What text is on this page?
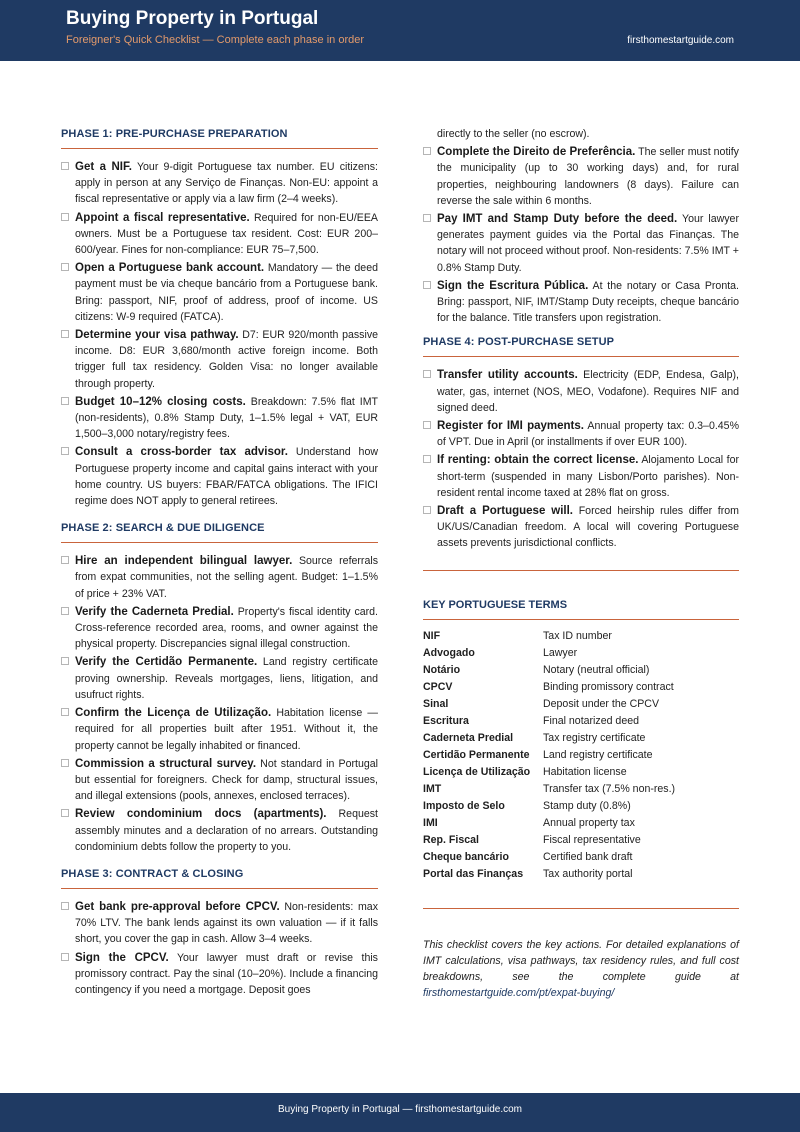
Buying Property in Portugal
Foreigner's Quick Checklist — Complete each phase in order	firsthomestartguide.com
PHASE 1: PRE-PURCHASE PREPARATION
Get a NIF. Your 9-digit Portuguese tax number. EU citizens: apply in person at any Serviço de Finanças. Non-EU: appoint a fiscal representative or apply via a law firm (2–4 weeks).
Appoint a fiscal representative. Required for non-EU/EEA owners. Must be a Portuguese tax resident. Cost: EUR 200–600/year. Fines for non-compliance: EUR 75–7,500.
Open a Portuguese bank account. Mandatory — the deed payment must be via cheque bancário from a Portuguese bank. Bring: passport, NIF, proof of address, proof of income. US citizens: W-9 required (FATCA).
Determine your visa pathway. D7: EUR 920/month passive income. D8: EUR 3,680/month active foreign income. Both trigger full tax residency. Golden Visa: no longer available through property.
Budget 10–12% closing costs. Breakdown: 7.5% flat IMT (non-residents), 0.8% Stamp Duty, 1–1.5% legal + VAT, EUR 1,500–3,000 notary/registry fees.
Consult a cross-border tax advisor. Understand how Portuguese property income and capital gains interact with your home country. US buyers: FBAR/FATCA obligations. The IFICI regime does NOT apply to general retirees.
PHASE 2: SEARCH & DUE DILIGENCE
Hire an independent bilingual lawyer. Source referrals from expat communities, not the selling agent. Budget: 1–1.5% of price + 23% VAT.
Verify the Caderneta Predial. Property's fiscal identity card. Cross-reference recorded area, rooms, and owner against the physical property. Discrepancies signal illegal construction.
Verify the Certidão Permanente. Land registry certificate proving ownership. Reveals mortgages, liens, litigation, and usufruct rights.
Confirm the Licença de Utilização. Habitation license — required for all properties built after 1951. Without it, the property cannot be legally inhabited or financed.
Commission a structural survey. Not standard in Portugal but essential for foreigners. Check for damp, structural issues, and illegal extensions (pools, annexes, enclosed terraces).
Review condominium docs (apartments). Request assembly minutes and a declaration of no arrears. Outstanding condominium debts follow the property to you.
PHASE 3: CONTRACT & CLOSING
Get bank pre-approval before CPCV. Non-residents: max 70% LTV. The bank lends against its own valuation — if it falls short, you cover the gap in cash. Allow 3–4 weeks.
Sign the CPCV. Your lawyer must draft or revise this promissory contract. Pay the sinal (10–20%). Include a financing contingency if you need a mortgage. Deposit goes
directly to the seller (no escrow).
Complete the Direito de Preferência. The seller must notify the municipality (up to 30 working days) and, for rural properties, neighbouring landowners (8 days). Failure can reverse the sale within 6 months.
Pay IMT and Stamp Duty before the deed. Your lawyer generates payment guides via the Portal das Finanças. The notary will not proceed without proof. Non-residents: 7.5% IMT + 0.8% Stamp Duty.
Sign the Escritura Pública. At the notary or Casa Pronta. Bring: passport, NIF, IMT/Stamp Duty receipts, cheque bancário for the balance. Title transfers upon registration.
PHASE 4: POST-PURCHASE SETUP
Transfer utility accounts. Electricity (EDP, Endesa, Galp), water, gas, internet (NOS, MEO, Vodafone). Requires NIF and signed deed.
Register for IMI payments. Annual property tax: 0.3–0.45% of VPT. Due in April (or installments if over EUR 100).
If renting: obtain the correct license. Alojamento Local for short-term (suspended in many Lisbon/Porto parishes). Non-resident rental income taxed at 28% flat on gross.
Draft a Portuguese will. Forced heirship rules differ from UK/US/Canadian freedom. A local will covering Portuguese assets prevents jurisdictional conflicts.
KEY PORTUGUESE TERMS
NIF	Tax ID number
Advogado	Lawyer
Notário	Notary (neutral official)
CPCV	Binding promissory contract
Sinal	Deposit under the CPCV
Escritura	Final notarized deed
Caderneta Predial	Tax registry certificate
Certidão Permanente	Land registry certificate
Licença de Utilização	Habitation license
IMT	Transfer tax (7.5% non-res.)
Imposto de Selo	Stamp duty (0.8%)
IMI	Annual property tax
Rep. Fiscal	Fiscal representative
Cheque bancário	Certified bank draft
Portal das Finanças	Tax authority portal
This checklist covers the key actions. For detailed explanations of IMT calculations, visa pathways, tax residency rules, and full cost breakdowns, see the complete guide at firsthomestartguide.com/pt/expat-buying/
Buying Property in Portugal — firsthomestartguide.com
